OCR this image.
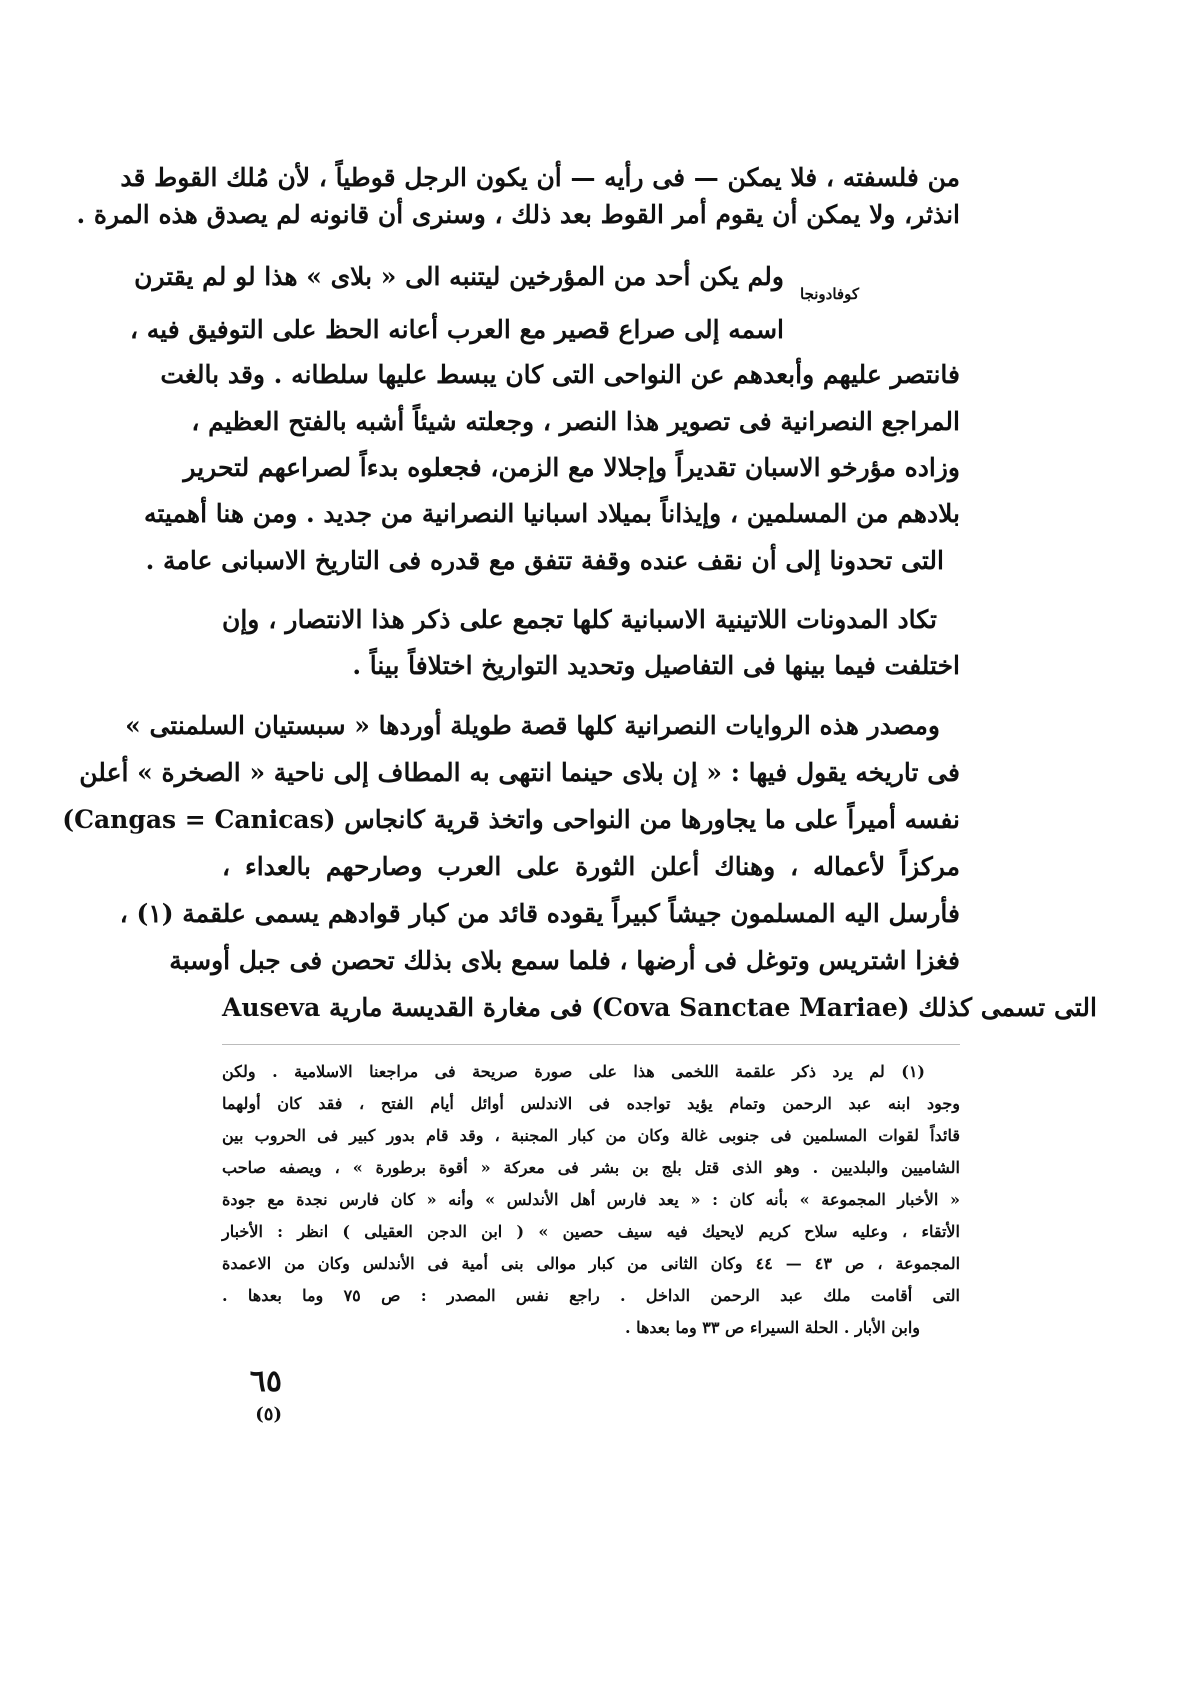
من فلسفته ، فلا يمكن — فى رأيه — أن يكون الرجل قوطياً ، لأن مُلك القوط قد
انذثر، ولا يمكن أن يقوم أمر القوط بعد ذلك ، وسنرى أن قانونه لم يصدق هذه المرة .
ولم يكن أحد من المؤرخين ليتنبه الى « بلاى » هذا لو لم يقترن
كوفادونجا
اسمه إلى صراع قصير مع العرب أعانه الحظ على التوفيق فيه ،
فانتصر عليهم وأبعدهم عن النواحى التى كان يبسط عليها سلطانه . وقد بالغت
المراجع النصرانية فى تصوير هذا النصر ، وجعلته شيئاً أشبه بالفتح العظيم ،
وزاده مؤرخو الاسبان تقديراً وإجلالا مع الزمن، فجعلوه بدءاً لصراعهم لتحرير
بلادهم من المسلمين ، وإيذاناً بميلاد اسبانيا النصرانية من جديد . ومن هنا أهميته
التى تحدونا إلى أن نقف عنده وقفة تتفق مع قدره فى التاريخ الاسبانى عامة .
تكاد المدونات اللاتينية الاسبانية كلها تجمع على ذكر هذا الانتصار ، وإن
اختلفت فيما بينها فى التفاصيل وتحديد التواريخ اختلافاً بيناً .
ومصدر هذه الروايات النصرانية كلها قصة طويلة أوردها « سبستيان السلمنتى »
فى تاريخه يقول فيها : « إن بلاى حينما انتهى به المطاف إلى ناحية « الصخرة » أعلن
نفسه أميراً على ما يجاورها من النواحى واتخذ قرية كانجاس (Cangas = Canicas)
مركزاً لأعماله ، وهناك أعلن الثورة على العرب وصارحهم بالعداء ،
فأرسل اليه المسلمون جيشاً كبيراً يقوده قائد من كبار قوادهم يسمى علقمة (١) ،
فغزا اشتريس وتوغل فى أرضها ، فلما سمع بلاى بذلك تحصن فى جبل أوسبة
Auseva فى مغارة القديسة مارية (Cova Sanctae Mariae) التى تسمى كذلك
(١) لم يرد ذكر علقمة اللخمى هذا على صورة صريحة فى مراجعنا الاسلامية . ولكن
وجود ابنه عبد الرحمن وتمام يؤيد تواجده فى الاندلس أوائل أيام الفتح ، فقد كان أولهما
قائداً لقوات المسلمين فى جنوبى غالة وكان من كبار المجنبة ، وقد قام بدور كبير فى الحروب بين
الشاميين والبلديين . وهو الذى قتل بلج بن بشر فى معركة « أقوة برطورة » ، ويصفه صاحب
« الأخبار المجموعة » بأنه كان : « يعد فارس أهل الأندلس » وأنه « كان فارس نجدة مع جودة
الأتقاء ، وعليه سلاح كريم لايحيك فيه سيف حصين » ( ابن الدجن العقيلى ) انظر : الأخبار
المجموعة ، ص ٤٣ — ٤٤ وكان الثانى من كبار موالى بنى أمية فى الأندلس وكان من الاعمدة
التى أقامت ملك عبد الرحمن الداخل . راجع نفس المصدر : ص ٧٥ وما بعدها .
وابن الأبار . الحلة السيراء ص ٣٣ وما بعدها .
٦٥
(٥)
